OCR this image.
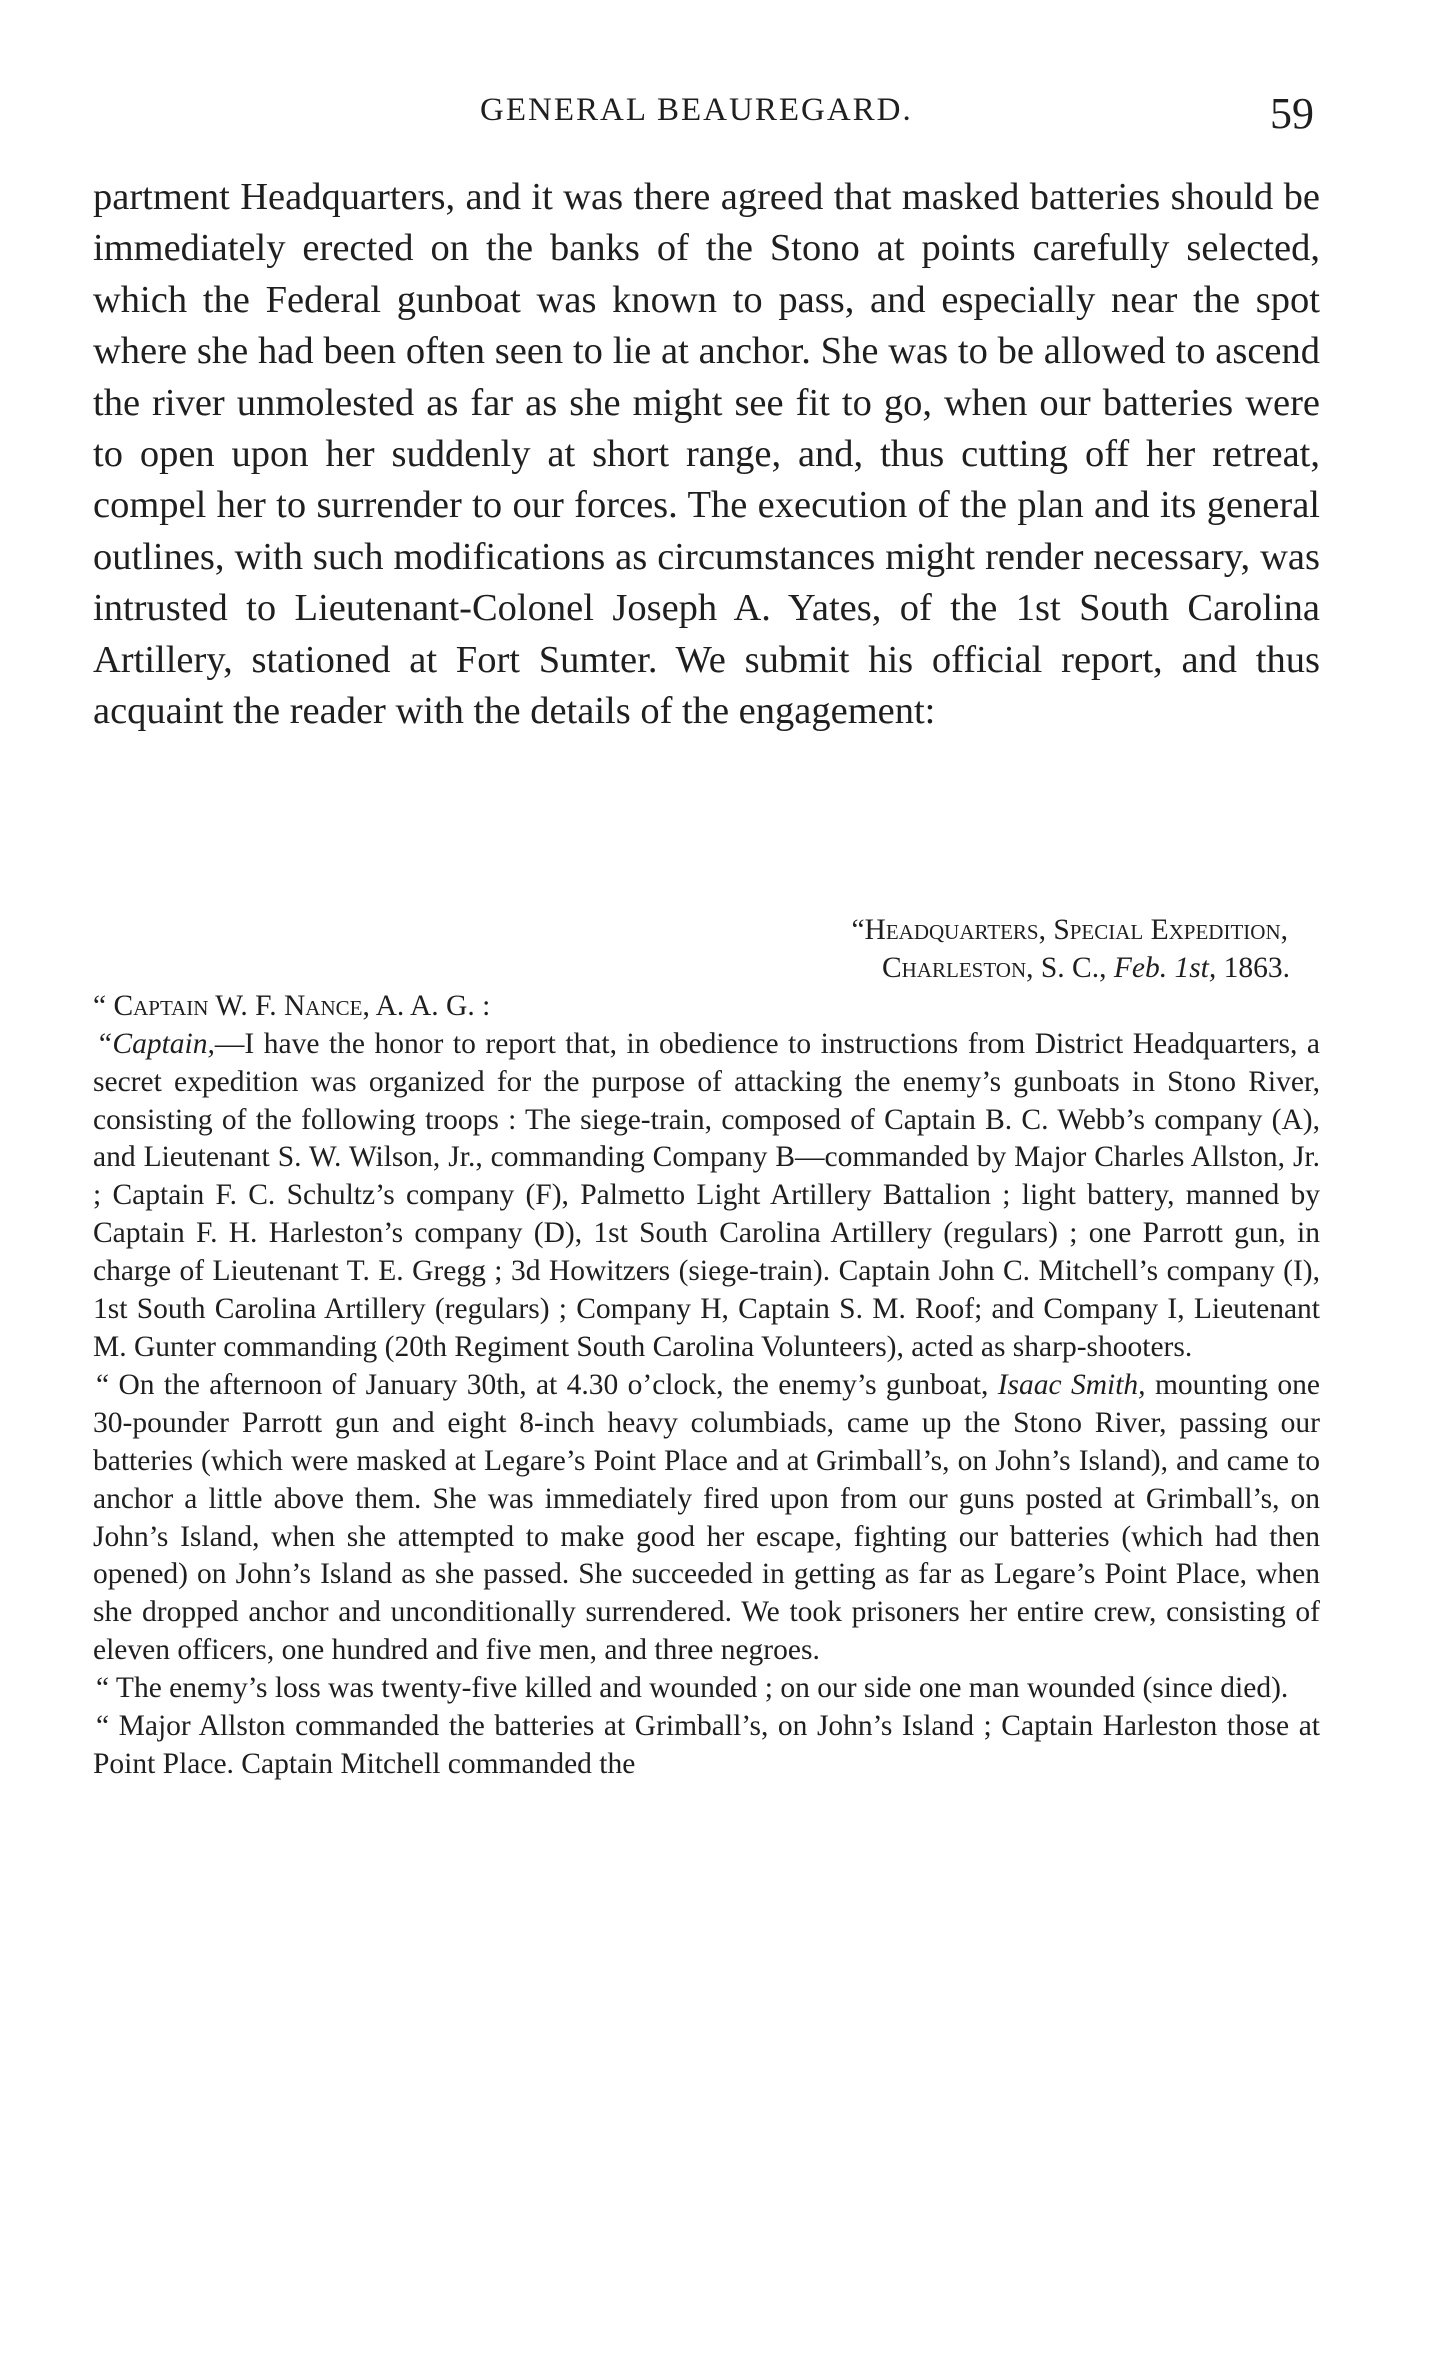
GENERAL BEAUREGARD.	59

partment Headquarters, and it was there agreed that masked batteries should be immediately erected on the banks of the Stono at points carefully selected, which the Federal gunboat was known to pass, and especially near the spot where she had been often seen to lie at anchor. She was to be allowed to ascend the river unmolested as far as she might see fit to go, when our batteries were to open upon her suddenly at short range, and, thus cutting off her retreat, compel her to surrender to our forces. The execution of the plan and its general outlines, with such modifications as circumstances might render necessary, was intrusted to Lieutenant-Colonel Joseph A. Yates, of the 1st South Carolina Artillery, stationed at Fort Sumter. We submit his official report, and thus acquaint the reader with the details of the engagement:

“Headquarters, Special Expedition,

Charleston, S. C., Feb. 1st, 1863.

“ Captain W. F. Nance, A. A. G. :

“Captain,—I have the honor to report that, in obedience to instructions from District Headquarters, a secret expedition was organized for the purpose of attacking the enemy’s gunboats in Stono River, consisting of the following troops : The siege-train, composed of Captain B. C. Webb’s company (A), and Lieutenant S. W. Wilson, Jr., commanding Company B—commanded by Major Charles Allston, Jr. ; Captain F. C. Schultz’s company (F), Palmetto Light Artillery Battalion ; light battery, manned by Captain F. H. Harleston’s company (D), 1st South Carolina Artillery (regulars) ; one Parrott gun, in charge of Lieutenant T. E. Gregg ; 3d Howitzers (siege-train). Captain John C. Mitchell’s company (I), 1st South Carolina Artillery (regulars) ; Company H, Captain S. M. Roof; and Company I, Lieutenant M. Gunter commanding (20th Regiment South Carolina Volunteers), acted as sharp-shooters.

“ On the afternoon of January 30th, at 4.30 o’clock, the enemy’s gunboat, Isaac Smith, mounting one 30-pounder Parrott gun and eight 8-inch heavy columbiads, came up the Stono River, passing our batteries (which were masked at Legare’s Point Place and at Grimball’s, on John’s Island), and came to anchor a little above them. She was immediately fired upon from our guns posted at Grimball’s, on John’s Island, when she attempted to make good her escape, fighting our batteries (which had then opened) on John’s Island as she passed. She succeeded in getting as far as Legare’s Point Place, when she dropped anchor and unconditionally surrendered. We took prisoners her entire crew, consisting of eleven officers, one hundred and five men, and three negroes.

“ The enemy’s loss was twenty-five killed and wounded ; on our side one man wounded (since died).

“ Major Allston commanded the batteries at Grimball’s, on John’s Island ; Captain Harleston those at Point Place. Captain Mitchell commanded the
